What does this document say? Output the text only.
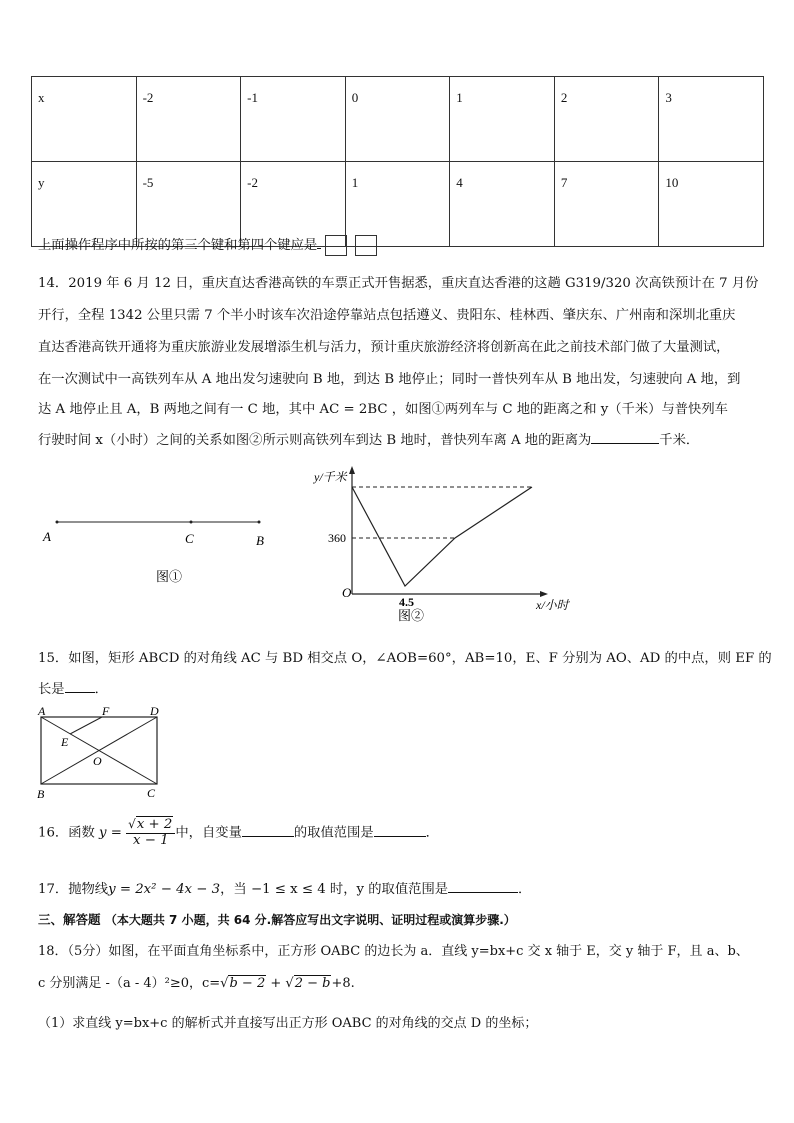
x	-2	-1	0	1	2	3
y	-5	-2	1	4	7	10
上面操作程序中所按的第三个键和第四个键应是
14．2019 年 6 月 12 日，重庆直达香港高铁的车票正式开售据悉，重庆直达香港的这趟 G319/320 次高铁预计在 7 月份
开行，全程 1342 公里只需 7 个半小时该车次沿途停靠站点包括遵义、贵阳东、桂林西、肇庆东、广州南和深圳北重庆
直达香港高铁开通将为重庆旅游业发展增添生机与活力，预计重庆旅游经济将创新高在此之前技术部门做了大量测试，
在一次测试中一高铁列车从 A 地出发匀速驶向 B 地，到达 B 地停止；同时一普快列车从 B 地出发，匀速驶向 A 地，到
达 A 地停止且 A，B 两地之间有一 C 地，其中 AC = 2BC ，如图①两列车与 C 地的距离之和 y（千米）与普快列车
行驶时间 x（小时）之间的关系如图②所示则高铁列车到达 B 地时，普快列车离 A 地的距离为	千米．
A	C	B
图①
y/千米
360
O
4.5	x/小时
图②
15．如图，矩形 ABCD 的对角线 AC 与 BD 相交点 O，∠AOB=60°，AB=10，E、F 分别为 AO、AD 的中点，则 EF 的
长是 ．
A	F	D
E
O
B	C
16．函数 $y = \frac{√x + 2}{x - 1}$ 中，自变量	的取值范围是	．
17．抛物线y = 2x² − 4x − 3，当 −1 ≤ x ≤ 4 时，y 的取值范围是	．
三、解答题 （本大题共 7 小题，共 64 分.解答应写出文字说明、证明过程或演算步骤.）
18．（5分）如图，在平面直角坐标系中，正方形 OABC 的边长为 a．直线 y=bx+c 交 x 轴于 E，交 y 轴于 F，且 a、b、
c 分别满足 -（a - 4）²≥0，c=√b − 2 + √2 − b+8.
（1）求直线 y=bx+c 的解析式并直接写出正方形 OABC 的对角线的交点 D 的坐标；
